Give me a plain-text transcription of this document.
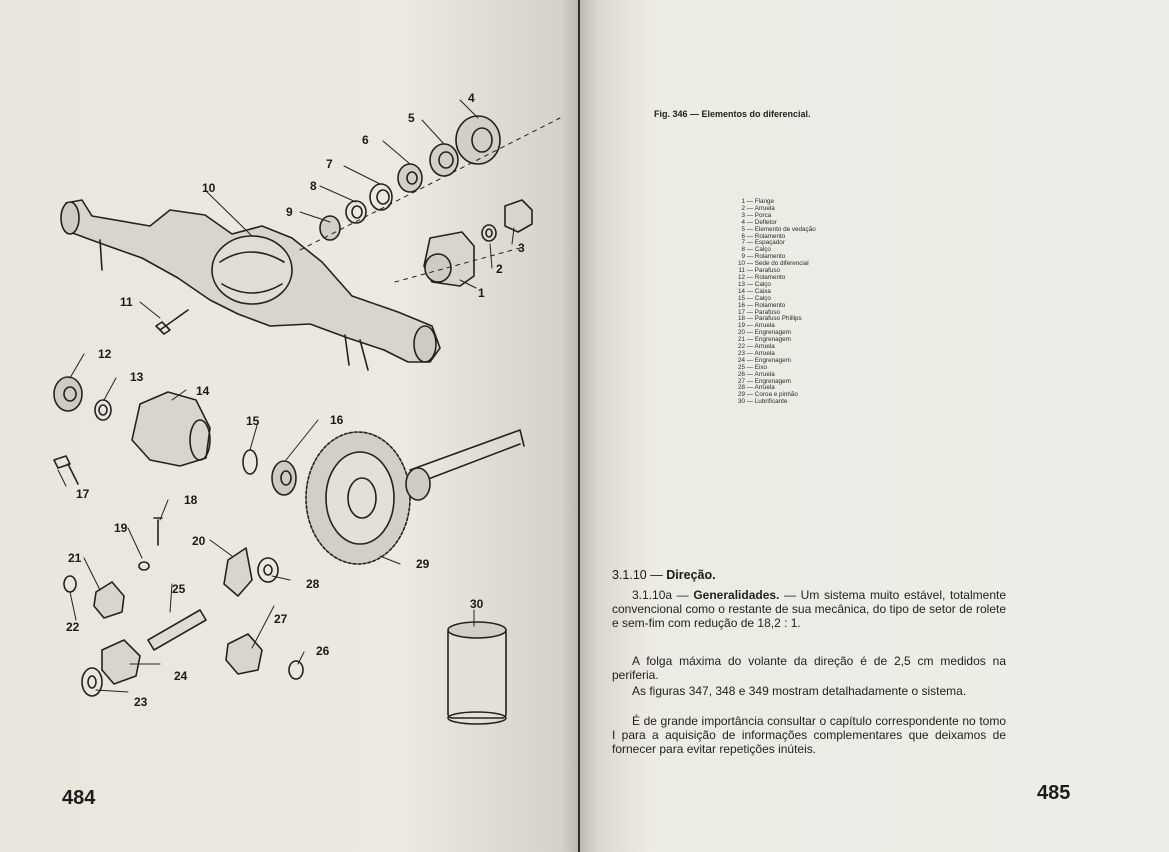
484	485
1
2
3
4
5
6
7
8
9
10
11
12
13
14
15	16
17	18
19
20
21
22
23
24
25
26
27
28
29
30
Fig. 346 — Elementos do diferencial.
1 — Flange
2 — Arruela
3 — Porca
4 — Defletor
5 — Elemento de vedação
6 — Rolamento
7 — Espaçador
8 — Calço
9 — Rolamento
10 — Sede do diferencial
11 — Parafuso
12 — Rolamento
13 — Calço
14 — Caixa
15 — Calço
16 — Rolamento
17 — Parafuso
18 — Parafuso Phillips
19 — Arruela
20 — Engrenagem
21 — Engrenagem
22 — Arruela
23 — Arruela
24 — Engrenagem
25 — Eixo
26 — Arruela
27 — Engrenagem
28 — Arruela
29 — Coroa e pinhão
30 — Lubrificante
3.1.10 — Direção.

3.1.10a — Generalidades. — Um sistema muito estável, totalmente convencional como o restante de sua mecânica, do tipo de setor de rolete e sem-fim com redução de 18,2 : 1.

A folga máxima do volante da direção é de 2,5 cm medidos na periferia.

As figuras 347, 348 e 349 mostram detalhadamente o sistema.

É de grande importância consultar o capítulo correspondente no tomo I para a aquisição de informações complementares que deixamos de fornecer para evitar repetições inúteis.
